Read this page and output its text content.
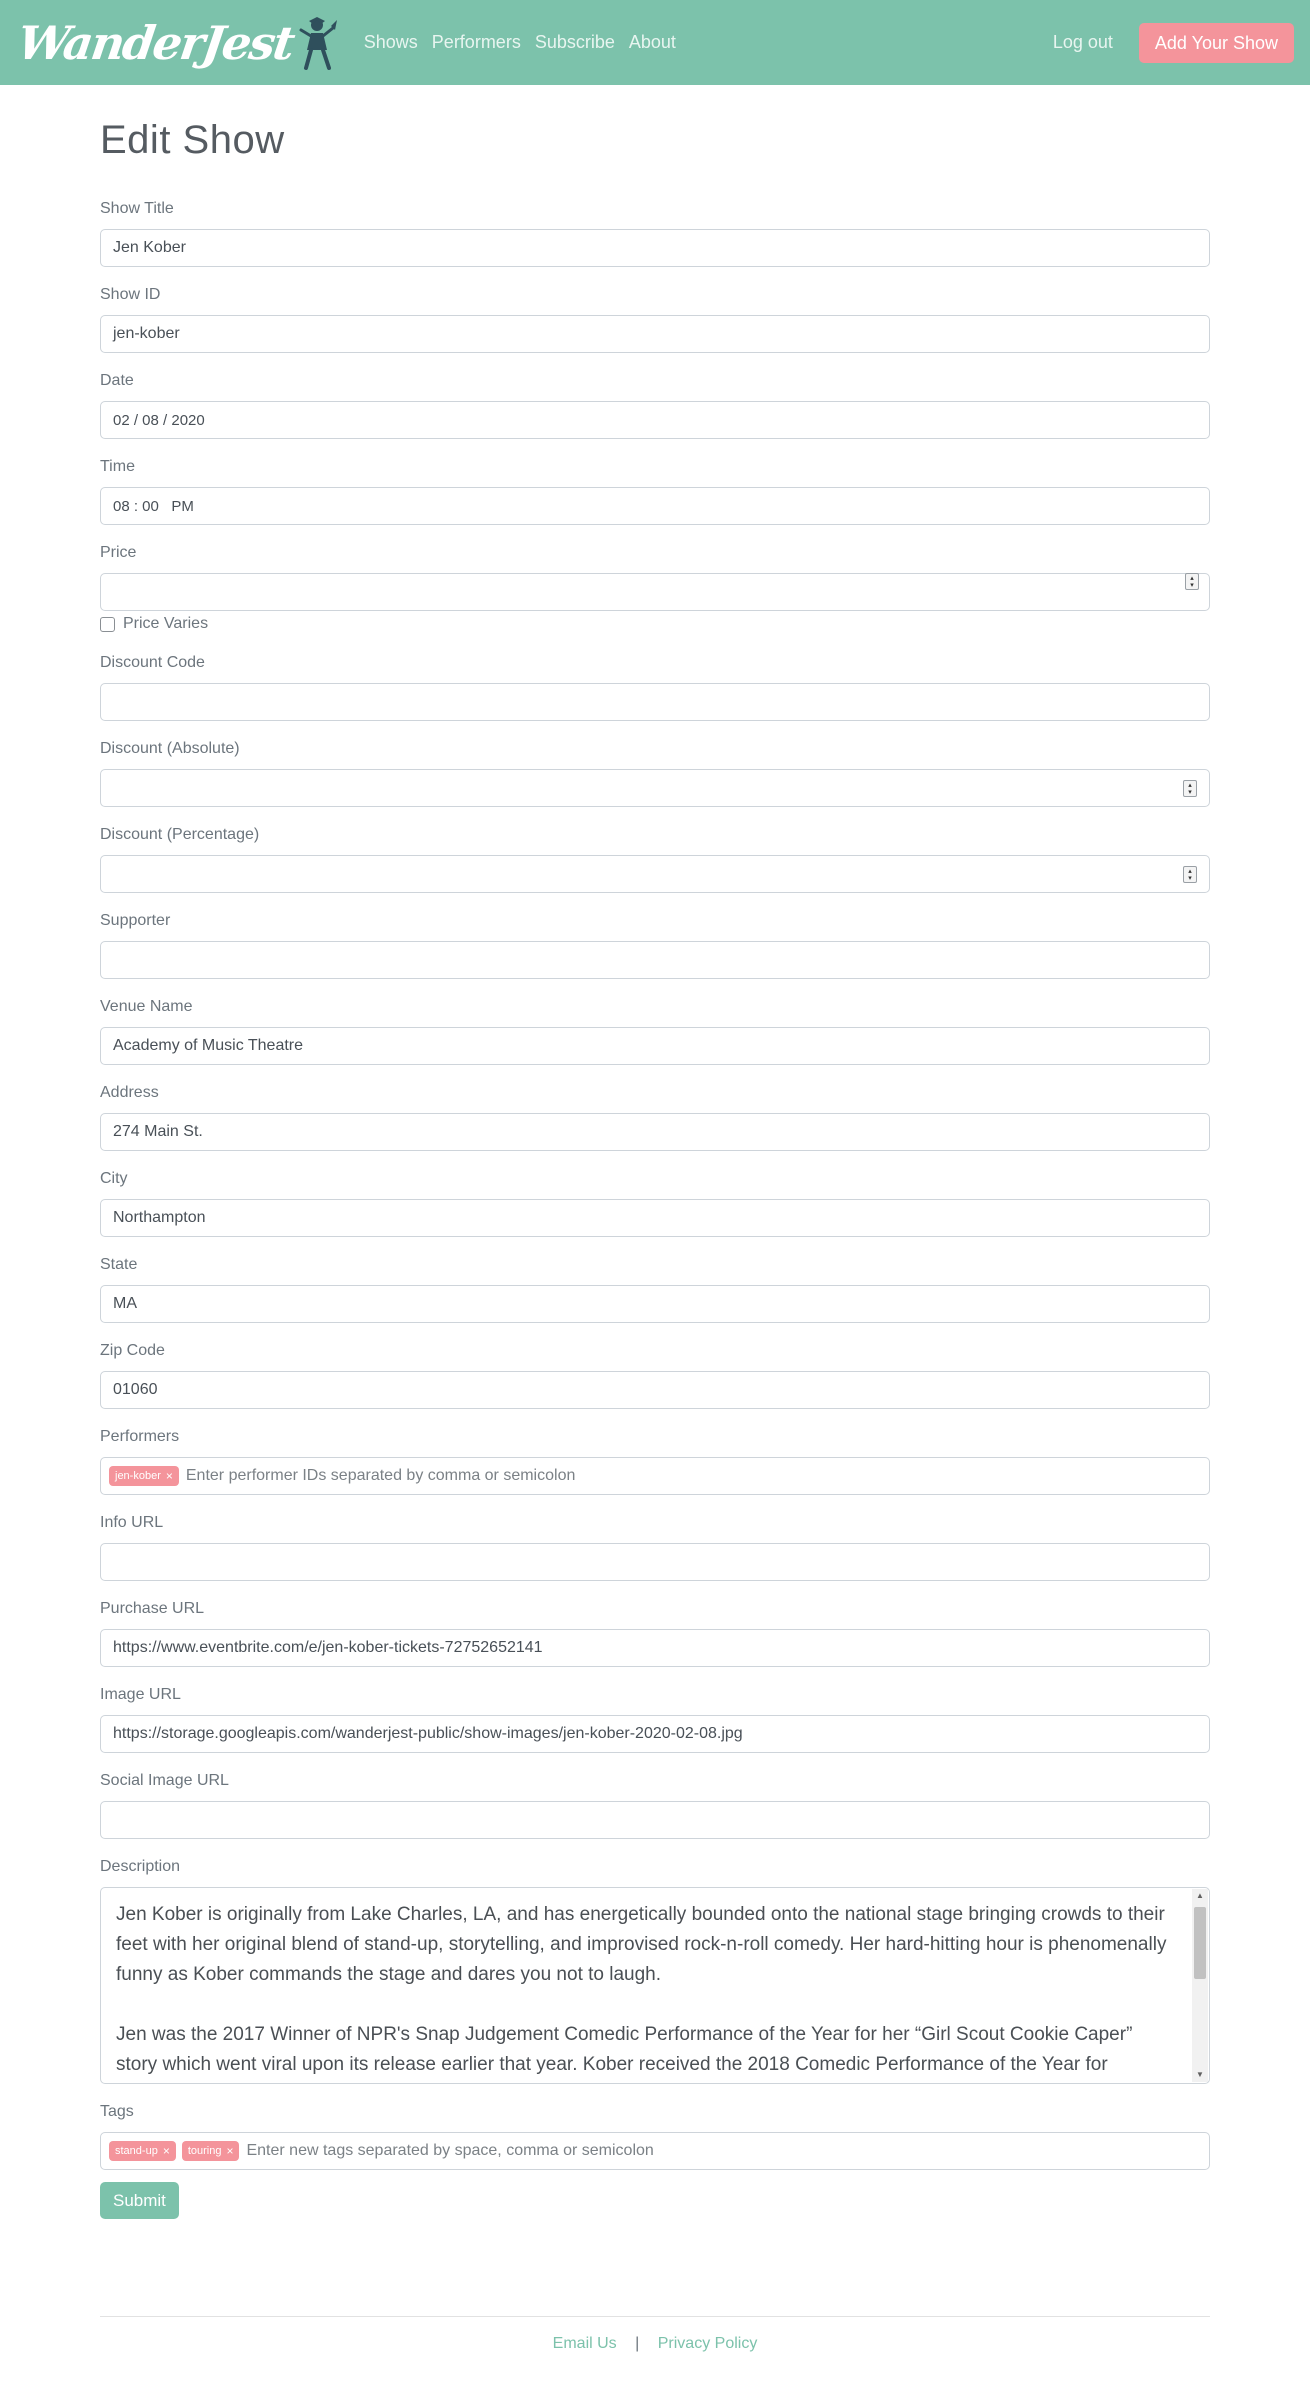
WanderJest	Shows Performers Subscribe About	Log out	Add Your Show
Edit Show
Show Title
Jen Kober
Show ID
jen-kober
Date
02 / 08 / 2020
Time
08 : 00   PM
Price
▴
▾
Price Varies
Discount Code
Discount (Absolute)
▴
▾
Discount (Percentage)
▴
▾
Supporter
Venue Name
Academy of Music Theatre
Address
274 Main St.
City
Northampton
State
MA
Zip Code
01060
Performers
jen-kober × Enter performer IDs separated by comma or semicolon
Info URL
Purchase URL
https://www.eventbrite.com/e/jen-kober-tickets-72752652141
Image URL
https://storage.googleapis.com/wanderjest-public/show-images/jen-kober-2020-02-08.jpg
Social Image URL
Description

Jen Kober is originally from Lake Charles, LA, and has energetically bounded onto the national stage bringing crowds to their feet with her original blend of stand-up, storytelling, and improvised rock-n-roll comedy. Her hard-hitting hour is phenomenally funny as Kober commands the stage and dares you not to laugh.

Jen was the 2017 Winner of NPR's Snap Judgement Comedic Performance of the Year for her “Girl Scout Cookie Caper” story which went viral upon its release earlier that year. Kober received the 2018 Comedic Performance of the Year for

▲
▼
Tags
stand-up × touring × Enter new tags separated by space, comma or semicolon
Submit
Email Us | Privacy Policy
